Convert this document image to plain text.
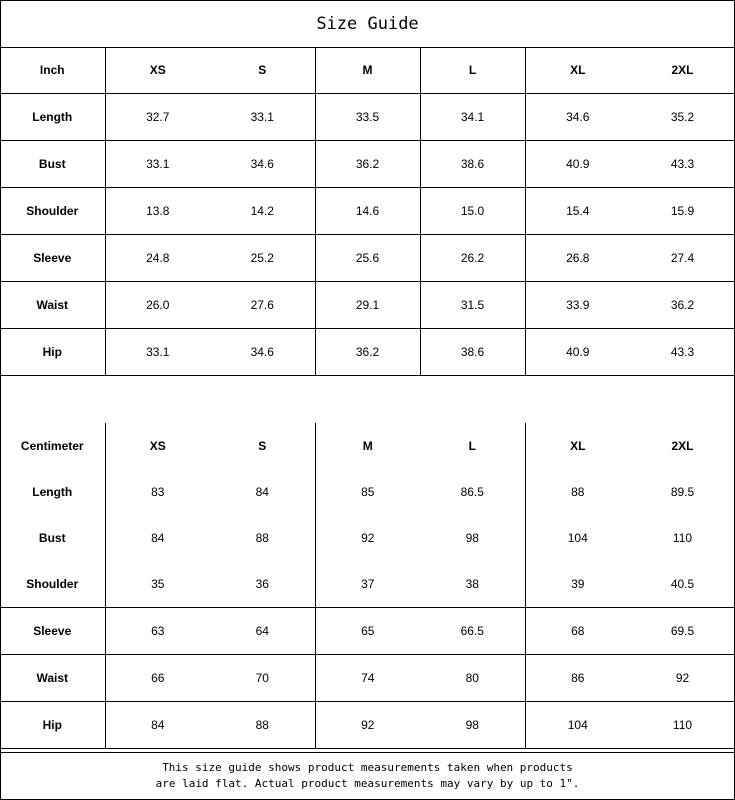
Size Guide
Inch	XS	S	M	L	XL	2XL
Length	32.7	33.1	33.5	34.1	34.6	35.2
Bust	33.1	34.6	36.2	38.6	40.9	43.3
Shoulder	13.8	14.2	14.6	15.0	15.4	15.9
Sleeve	24.8	25.2	25.6	26.2	26.8	27.4
Waist	26.0	27.6	29.1	31.5	33.9	36.2
Hip	33.1	34.6	36.2	38.6	40.9	43.3
Centimeter	XS	S	M	L	XL	2XL
Length	83	84	85	86.5	88	89.5
Bust	84	88	92	98	104	110
Shoulder	35	36	37	38	39	40.5
Sleeve	63	64	65	66.5	68	69.5
Waist	66	70	74	80	86	92
Hip	84	88	92	98	104	110
This size guide shows product measurements taken when products
are laid flat. Actual product measurements may vary by up to 1".
